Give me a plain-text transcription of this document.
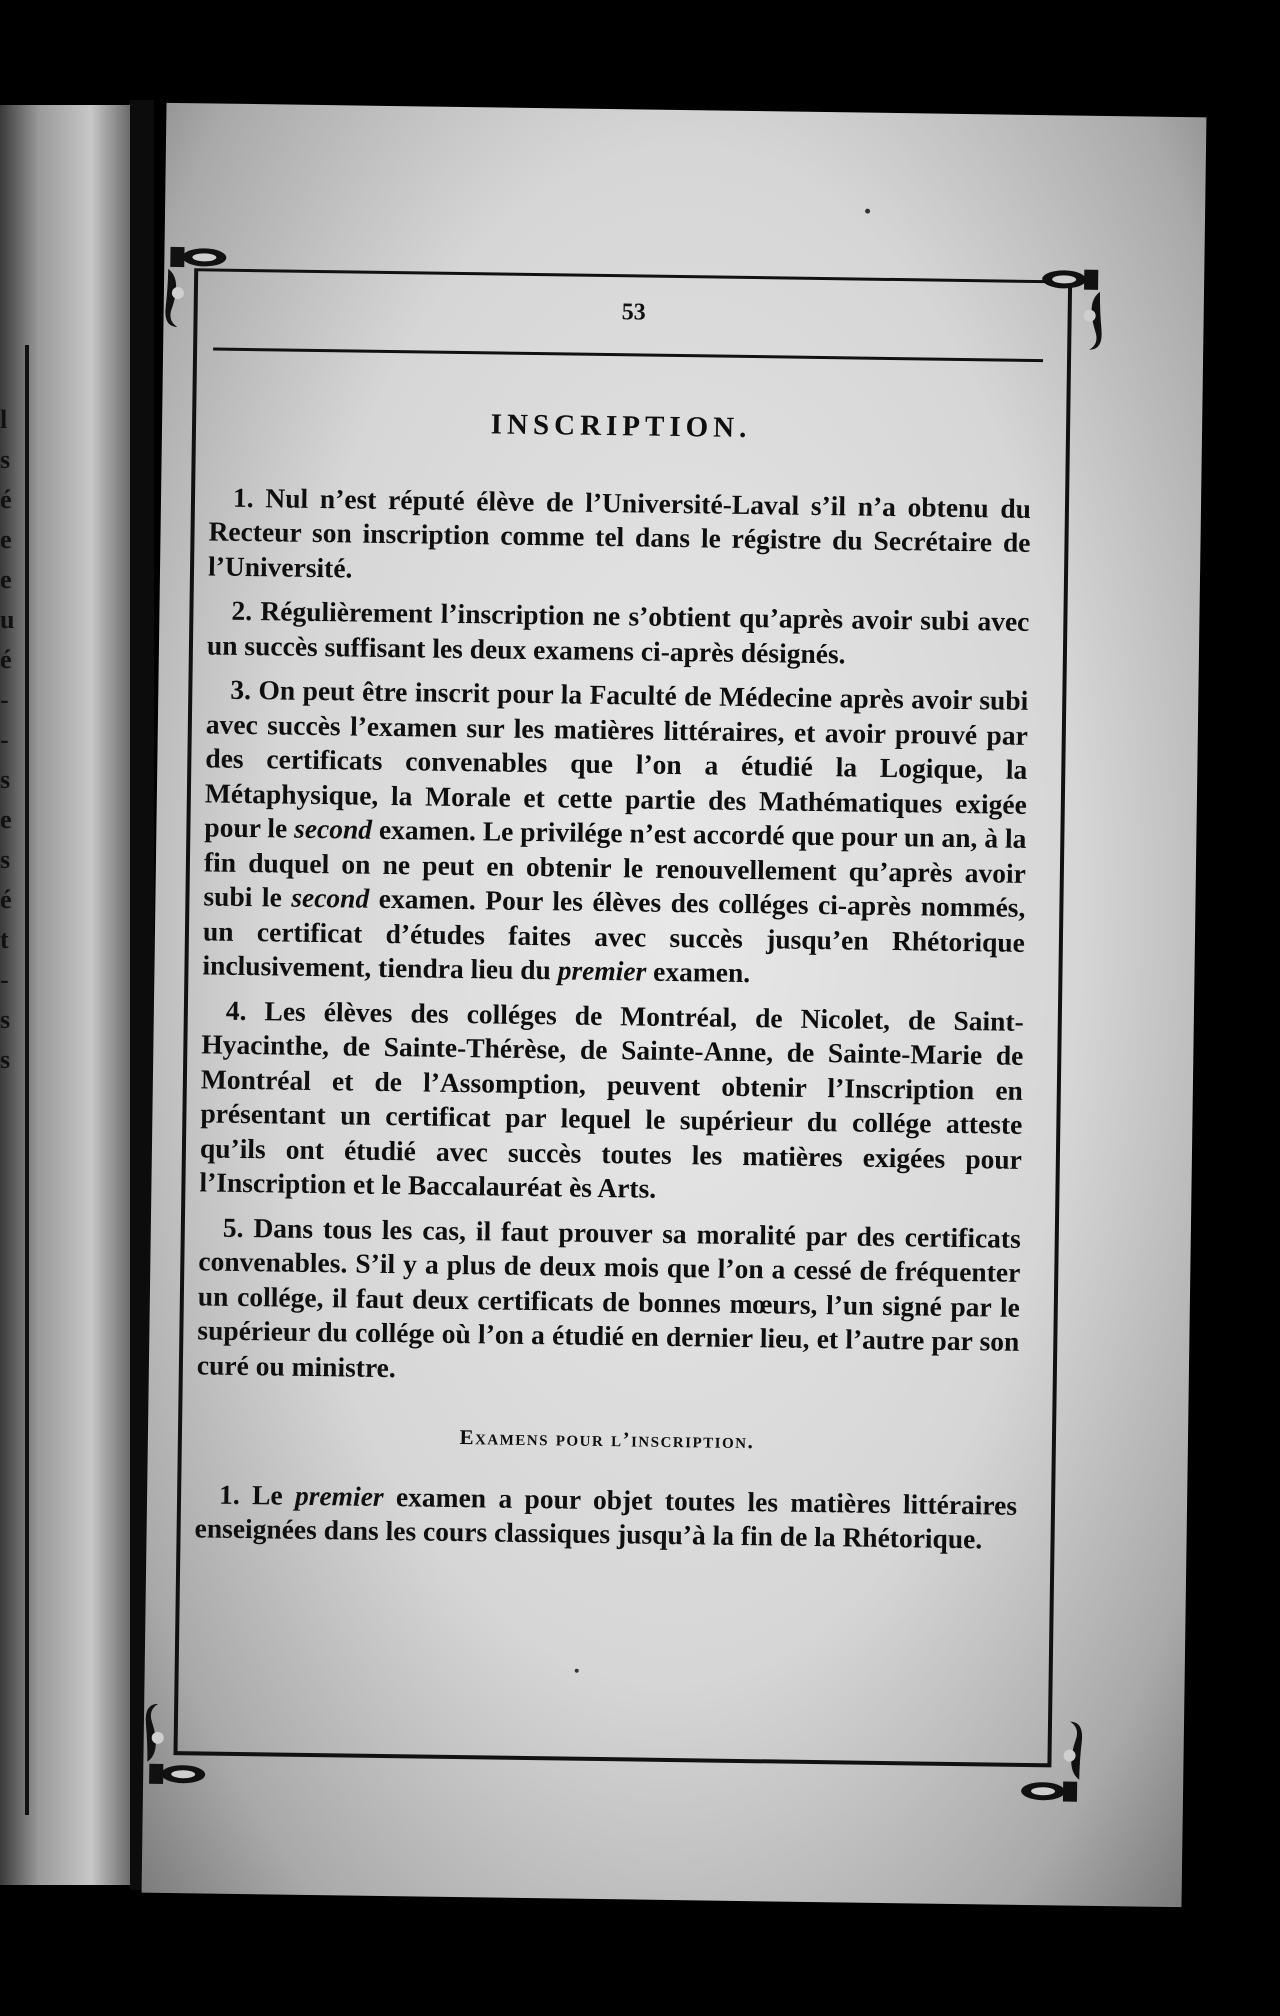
l
s
é
e
e
u
é
-
-
s
e
s
é
t
-
s
s
53
INSCRIPTION.

1. Nul n’est réputé élève de l’Université-Laval s’il n’a obtenu du Recteur son inscription comme tel dans le régistre du Secrétaire de l’Université.

2. Régulièrement l’inscription ne s’obtient qu’après avoir subi avec un succès suffisant les deux examens ci-après désignés.

3. On peut être inscrit pour la Faculté de Médecine après avoir subi avec succès l’examen sur les matières littéraires, et avoir prouvé par des certificats convenables que l’on a étudié la Logique, la Métaphysique, la Morale et cette partie des Mathématiques exigée pour le second examen. Le privilége n’est accordé que pour un an, à la fin duquel on ne peut en obtenir le renouvellement qu’après avoir subi le second examen. Pour les élèves des colléges ci-après nommés, un certificat d’études faites avec succès jusqu’en Rhétorique inclusivement, tiendra lieu du premier examen.

4. Les élèves des colléges de Montréal, de Nicolet, de Saint-Hyacinthe, de Sainte-Thérèse, de Sainte-Anne, de Sainte-Marie de Montréal et de l’Assomption, peuvent obtenir l’Inscription en présentant un certificat par lequel le supérieur du collége atteste qu’ils ont étudié avec succès toutes les matières exigées pour l’Inscription et le Baccalauréat ès Arts.

5. Dans tous les cas, il faut prouver sa moralité par des certificats convenables. S’il y a plus de deux mois que l’on a cessé de fréquenter un collége, il faut deux certificats de bonnes mœurs, l’un signé par le supérieur du collége où l’on a étudié en dernier lieu, et l’autre par son curé ou ministre.

Examens pour l’inscription.

1. Le premier examen a pour objet toutes les matières littéraires enseignées dans les cours classiques jusqu’à la fin de la Rhétorique.
